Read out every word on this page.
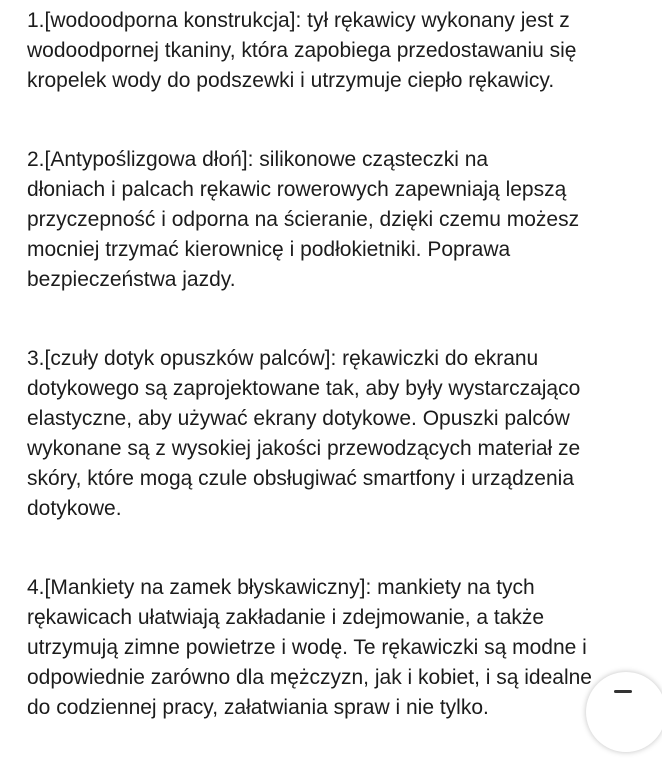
1.[wodoodporna konstrukcja]: tył rękawicy wykonany jest z
wodoodpornej tkaniny, która zapobiega przedostawaniu się
kropelek wody do podszewki i utrzymuje ciepło rękawicy.

2.[Antypoślizgowa dłoń]: silikonowe cząsteczki na
dłoniach i palcach rękawic rowerowych zapewniają lepszą
przyczepność i odporna na ścieranie, dzięki czemu możesz
mocniej trzymać kierownicę i podłokietniki. Poprawa
bezpieczeństwa jazdy.

3.[czuły dotyk opuszków palców]: rękawiczki do ekranu
dotykowego są zaprojektowane tak, aby były wystarczająco
elastyczne, aby używać ekrany dotykowe. Opuszki palców
wykonane są z wysokiej jakości przewodzących materiał ze
skóry, które mogą czule obsługiwać smartfony i urządzenia
dotykowe.

4.[Mankiety na zamek błyskawiczny]: mankiety na tych
rękawicach ułatwiają zakładanie i zdejmowanie, a także
utrzymują zimne powietrze i wodę. Te rękawiczki są modne i
odpowiednie zarówno dla mężczyzn, jak i kobiet, i są idealne
do codziennej pracy, załatwiania spraw i nie tylko.
